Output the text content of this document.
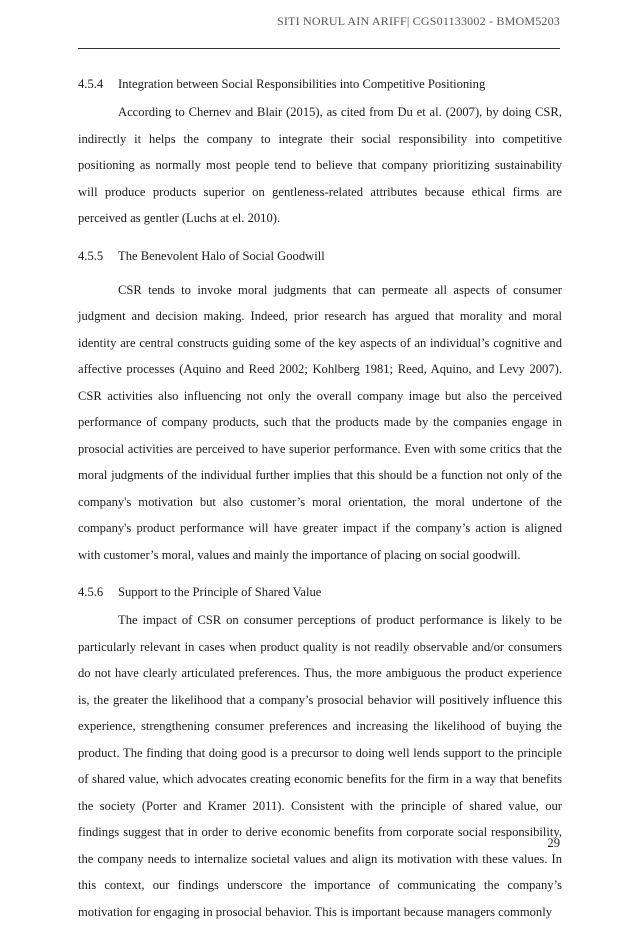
SITI NORUL AIN ARIFF| CGS01133002 - BMOM5203
4.5.4 Integration between Social Responsibilities into Competitive Positioning

According to Chernev and Blair (2015), as cited from Du et al. (2007), by doing CSR, indirectly it helps the company to integrate their social responsibility into competitive positioning as normally most people tend to believe that company prioritizing sustainability will produce products superior on gentleness-related attributes because ethical firms are perceived as gentler (Luchs at el. 2010).

4.5.5 The Benevolent Halo of Social Goodwill

CSR tends to invoke moral judgments that can permeate all aspects of consumer judgment and decision making. Indeed, prior research has argued that morality and moral identity are central constructs guiding some of the key aspects of an individual’s cognitive and affective processes (Aquino and Reed 2002; Kohlberg 1981; Reed, Aquino, and Levy 2007). CSR activities also influencing not only the overall company image but also the perceived performance of company products, such that the products made by the companies engage in prosocial activities are perceived to have superior performance. Even with some critics that the moral judgments of the individual further implies that this should be a function not only of the company's motivation but also customer’s moral orientation, the moral undertone of the company's product performance will have greater impact if the company’s action is aligned with customer’s moral, values and mainly the importance of placing on social goodwill.

4.5.6 Support to the Principle of Shared Value

The impact of CSR on consumer perceptions of product performance is likely to be particularly relevant in cases when product quality is not readily observable and/or consumers do not have clearly articulated preferences. Thus, the more ambiguous the product experience is, the greater the likelihood that a company’s prosocial behavior will positively influence this experience, strengthening consumer preferences and increasing the likelihood of buying the product. The finding that doing good is a precursor to doing well lends support to the principle of shared value, which advocates creating economic benefits for the firm in a way that benefits the society (Porter and Kramer 2011). Consistent with the principle of shared value, our findings suggest that in order to derive economic benefits from corporate social responsibility, the company needs to internalize societal values and align its motivation with these values. In this context, our findings underscore the importance of communicating the company’s motivation for engaging in prosocial behavior. This is important because managers commonly

29
